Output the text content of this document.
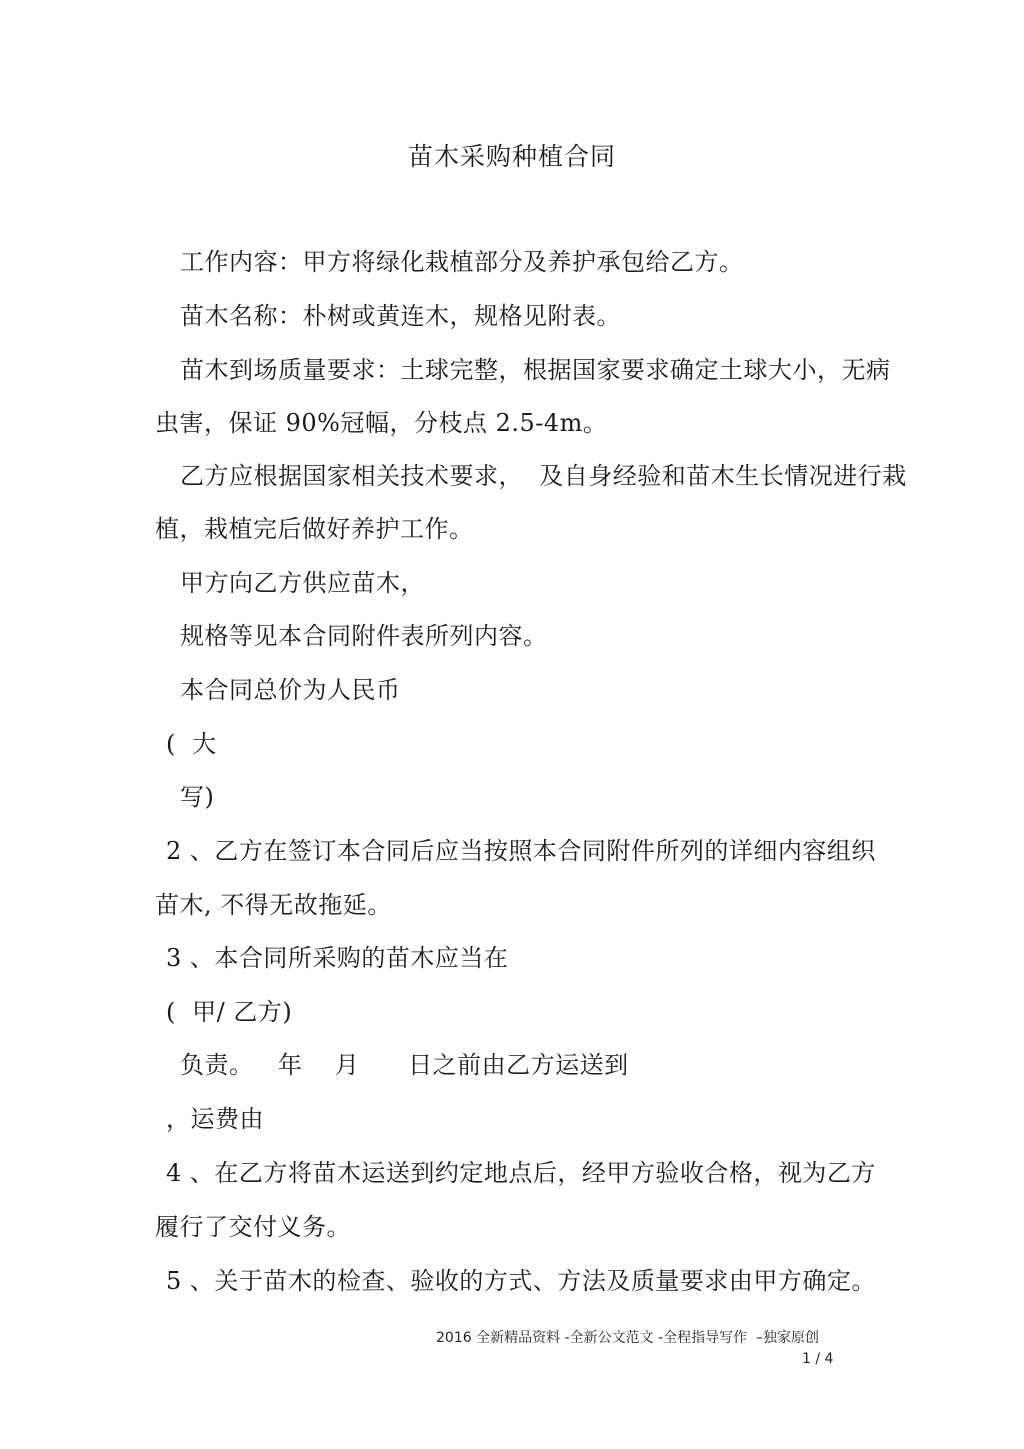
苗木采购种植合同
工作内容：甲方将绿化栽植部分及养护承包给乙方。
苗木名称：朴树或黄连木，规格见附表。
苗木到场质量要求：土球完整，根据国家要求确定土球大小，无病
虫害，保证 90%冠幅，分枝点 2.5-4m。
乙方应根据国家相关技术要求，  及自身经验和苗木生长情况进行栽
植，栽植完后做好养护工作。
甲方向乙方供应苗木，
规格等见本合同附件表所列内容。
本合同总价为人民币
(  大
写)
2 、乙方在签订本合同后应当按照本合同附件所列的详细内容组织
苗木, 不得无故拖延。
3 、本合同所采购的苗木应当在
(  甲/ 乙方)
负责。   年    月      日之前由乙方运送到
，运费由
4 、在乙方将苗木运送到约定地点后，经甲方验收合格，视为乙方
履行了交付义务。
5 、关于苗木的检查、验收的方式、方法及质量要求由甲方确定。
2016 全新精品资料 -全新公文范文 -全程指导写作  –独家原创
1 / 4
